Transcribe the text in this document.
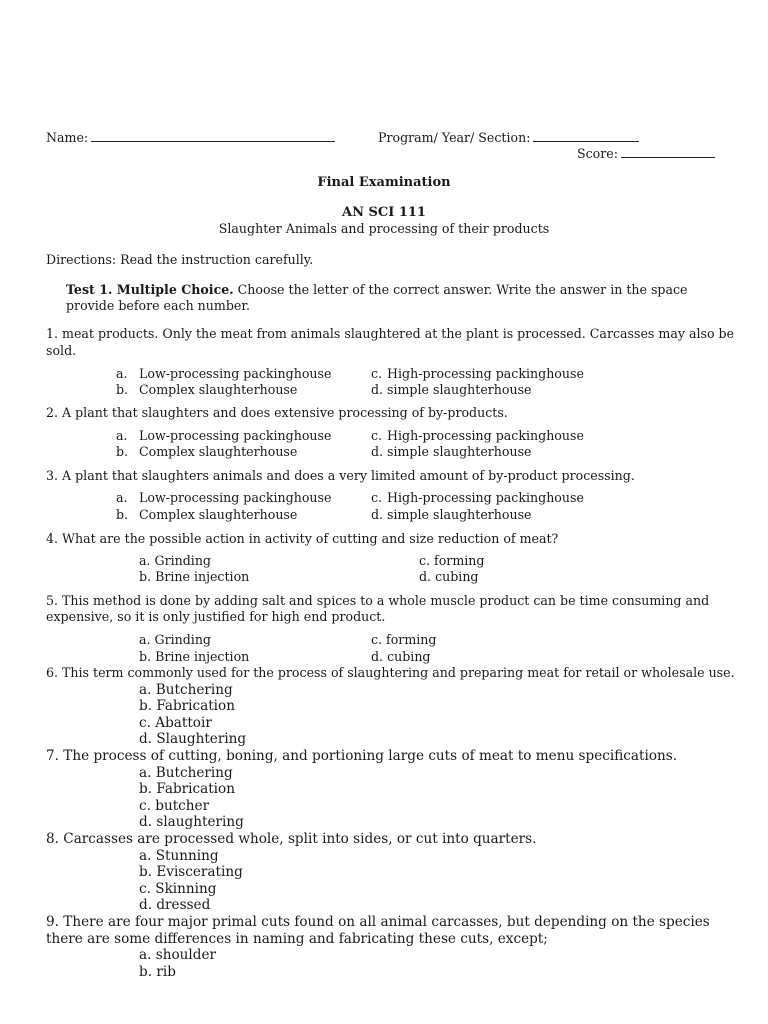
Name:	Program/ Year/ Section:
Score:
Final Examination
AN SCI 111
Slaughter Animals and processing of their products
Directions: Read the instruction carefully.
Test 1. Multiple Choice. Choose the letter of the correct answer. Write the answer in the space
provide before each number.
1. meat products. Only the meat from animals slaughtered at the plant is processed. Carcasses may also be
sold.
a. Low-processing packinghouse
b. Complex slaughterhouse
c. High-processing packinghouse
d. simple slaughterhouse
2. A plant that slaughters and does extensive processing of by-products.
a. Low-processing packinghouse
b. Complex slaughterhouse
c. High-processing packinghouse
d. simple slaughterhouse
3. A plant that slaughters animals and does a very limited amount of by-product processing.
a. Low-processing packinghouse
b. Complex slaughterhouse
c. High-processing packinghouse
d. simple slaughterhouse
4. What are the possible action in activity of cutting and size reduction of meat?
a. Grinding
b. Brine injection
c. forming
d. cubing
5. This method is done by adding salt and spices to a whole muscle product can be time consuming and
expensive, so it is only justified for high end product.
a. Grinding
b. Brine injection
c. forming
d. cubing
6. This term commonly used for the process of slaughtering and preparing meat for retail or wholesale use.
a. Butchering
b. Fabrication
c. Abattoir
d. Slaughtering
7. The process of cutting, boning, and portioning large cuts of meat to menu specifications.
a. Butchering
b. Fabrication
c. butcher
d. slaughtering
8. Carcasses are processed whole, split into sides, or cut into quarters.
a. Stunning
b. Eviscerating
c. Skinning
d. dressed
9. There are four major primal cuts found on all animal carcasses, but depending on the species
there are some differences in naming and fabricating these cuts, except;
a. shoulder
b. rib
